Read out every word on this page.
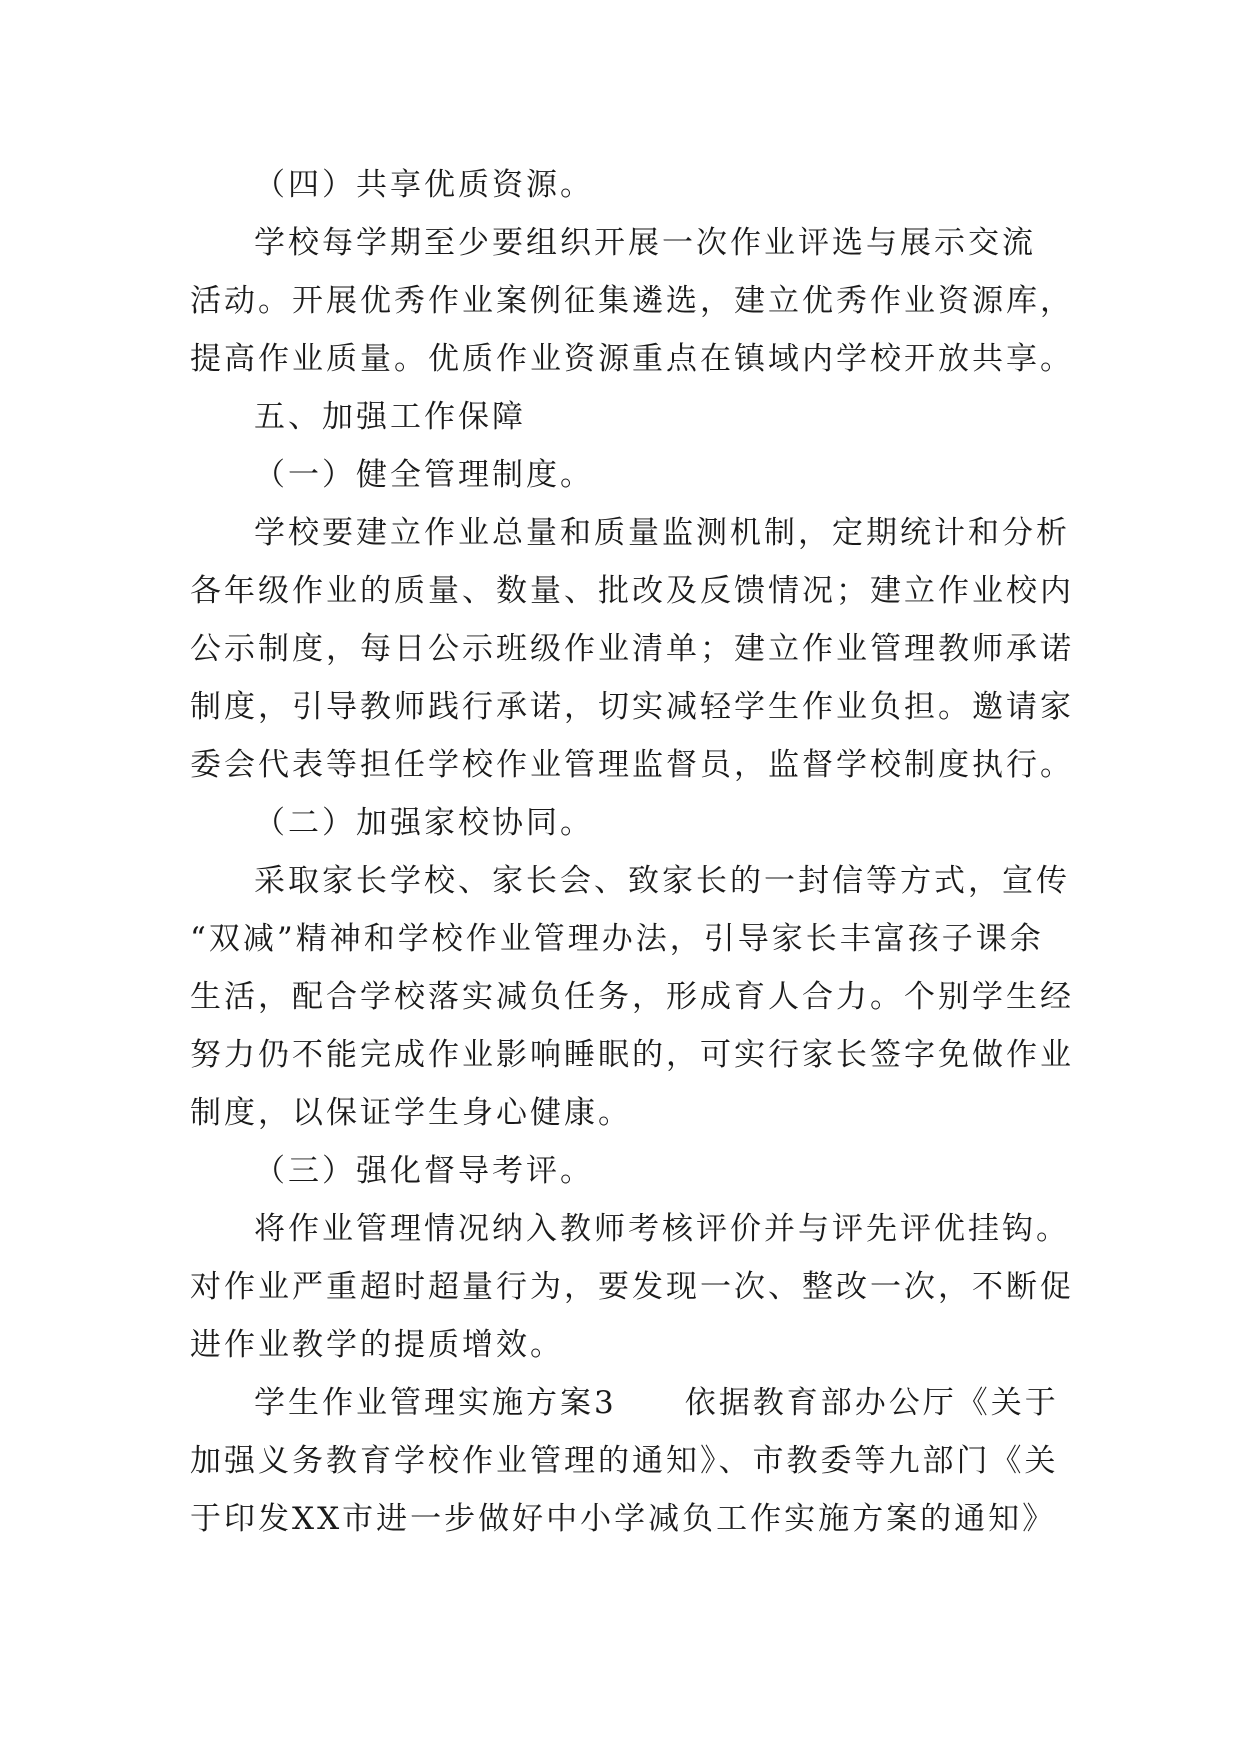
（四）共享优质资源。
学校每学期至少要组织开展一次作业评选与展示交流
活动。开展优秀作业案例征集遴选，建立优秀作业资源库，
提高作业质量。优质作业资源重点在镇域内学校开放共享。
五、加强工作保障
（一）健全管理制度。
学校要建立作业总量和质量监测机制，定期统计和分析
各年级作业的质量、数量、批改及反馈情况；建立作业校内
公示制度，每日公示班级作业清单；建立作业管理教师承诺
制度，引导教师践行承诺，切实减轻学生作业负担。邀请家
委会代表等担任学校作业管理监督员，监督学校制度执行。
（二）加强家校协同。
采取家长学校、家长会、致家长的一封信等方式，宣传
“双减”精神和学校作业管理办法，引导家长丰富孩子课余
生活，配合学校落实减负任务，形成育人合力。个别学生经
努力仍不能完成作业影响睡眠的，可实行家长签字免做作业
制度，以保证学生身心健康。
（三）强化督导考评。
将作业管理情况纳入教师考核评价并与评先评优挂钩。
对作业严重超时超量行为，要发现一次、整改一次，不断促
进作业教学的提质增效。
学生作业管理实施方案3　　依据教育部办公厅《关于
加强义务教育学校作业管理的通知》、市教委等九部门《关
于印发XX市进一步做好中小学减负工作实施方案的通知》
